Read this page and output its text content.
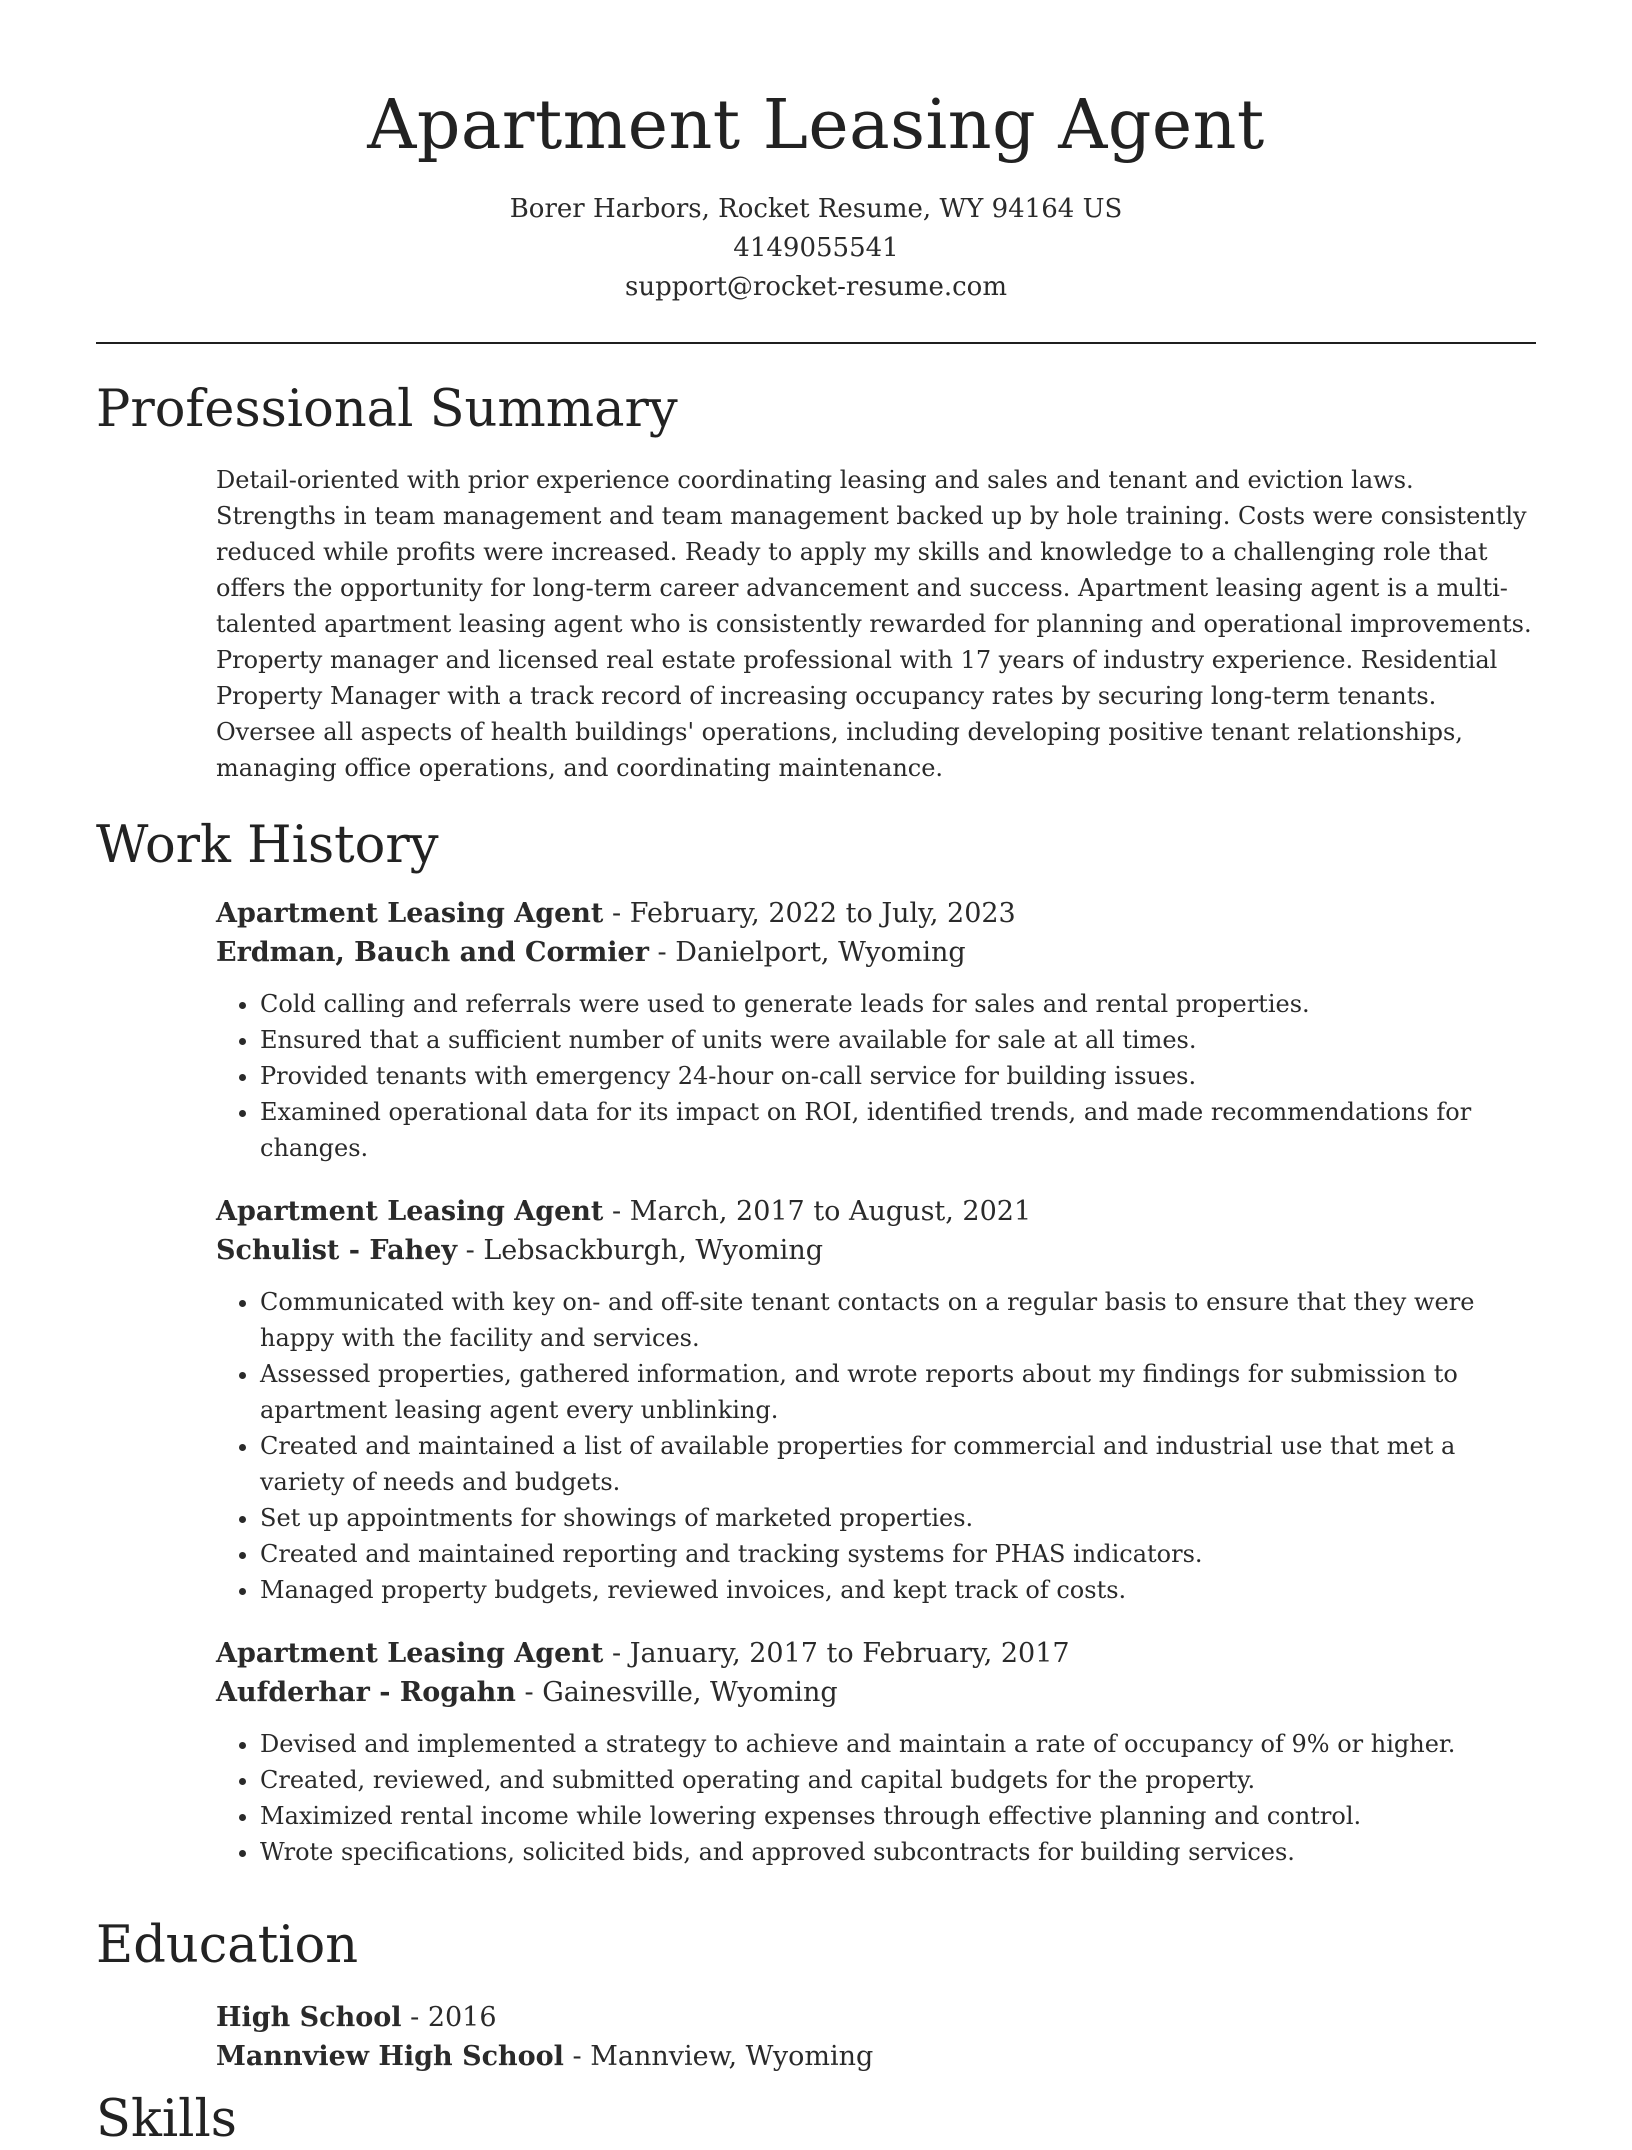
Apartment Leasing Agent
Borer Harbors, Rocket Resume, WY 94164 US
4149055541
support@rocket-resume.com
Professional Summary

Detail-oriented with prior experience coordinating leasing and sales and tenant and eviction laws. Strengths in team management and team management backed up by hole training. Costs were consistently reduced while profits were increased. Ready to apply my skills and knowledge to a challenging role that offers the opportunity for long-term career advancement and success. Apartment leasing agent is a multi-talented apartment leasing agent who is consistently rewarded for planning and operational improvements. Property manager and licensed real estate professional with 17 years of industry experience. Residential Property Manager with a track record of increasing occupancy rates by securing long-term tenants. Oversee all aspects of health buildings' operations, including developing positive tenant relationships, managing office operations, and coordinating maintenance.

Work History
Apartment Leasing Agent - February, 2022 to July, 2023
Erdman, Bauch and Cormier - Danielport, Wyoming
• Cold calling and referrals were used to generate leads for sales and rental properties.
• Ensured that a sufficient number of units were available for sale at all times.
• Provided tenants with emergency 24-hour on-call service for building issues.
• Examined operational data for its impact on ROI, identified trends, and made recommendations for changes.
Apartment Leasing Agent - March, 2017 to August, 2021
Schulist - Fahey - Lebsackburgh, Wyoming
• Communicated with key on- and off-site tenant contacts on a regular basis to ensure that they were happy with the facility and services.
• Assessed properties, gathered information, and wrote reports about my findings for submission to apartment leasing agent every unblinking.
• Created and maintained a list of available properties for commercial and industrial use that met a variety of needs and budgets.
• Set up appointments for showings of marketed properties.
• Created and maintained reporting and tracking systems for PHAS indicators.
• Managed property budgets, reviewed invoices, and kept track of costs.
Apartment Leasing Agent - January, 2017 to February, 2017
Aufderhar - Rogahn - Gainesville, Wyoming
• Devised and implemented a strategy to achieve and maintain a rate of occupancy of 9% or higher.
• Created, reviewed, and submitted operating and capital budgets for the property.
• Maximized rental income while lowering expenses through effective planning and control.
• Wrote specifications, solicited bids, and approved subcontracts for building services.
Education
High School - 2016
Mannview High School - Mannview, Wyoming
Skills
